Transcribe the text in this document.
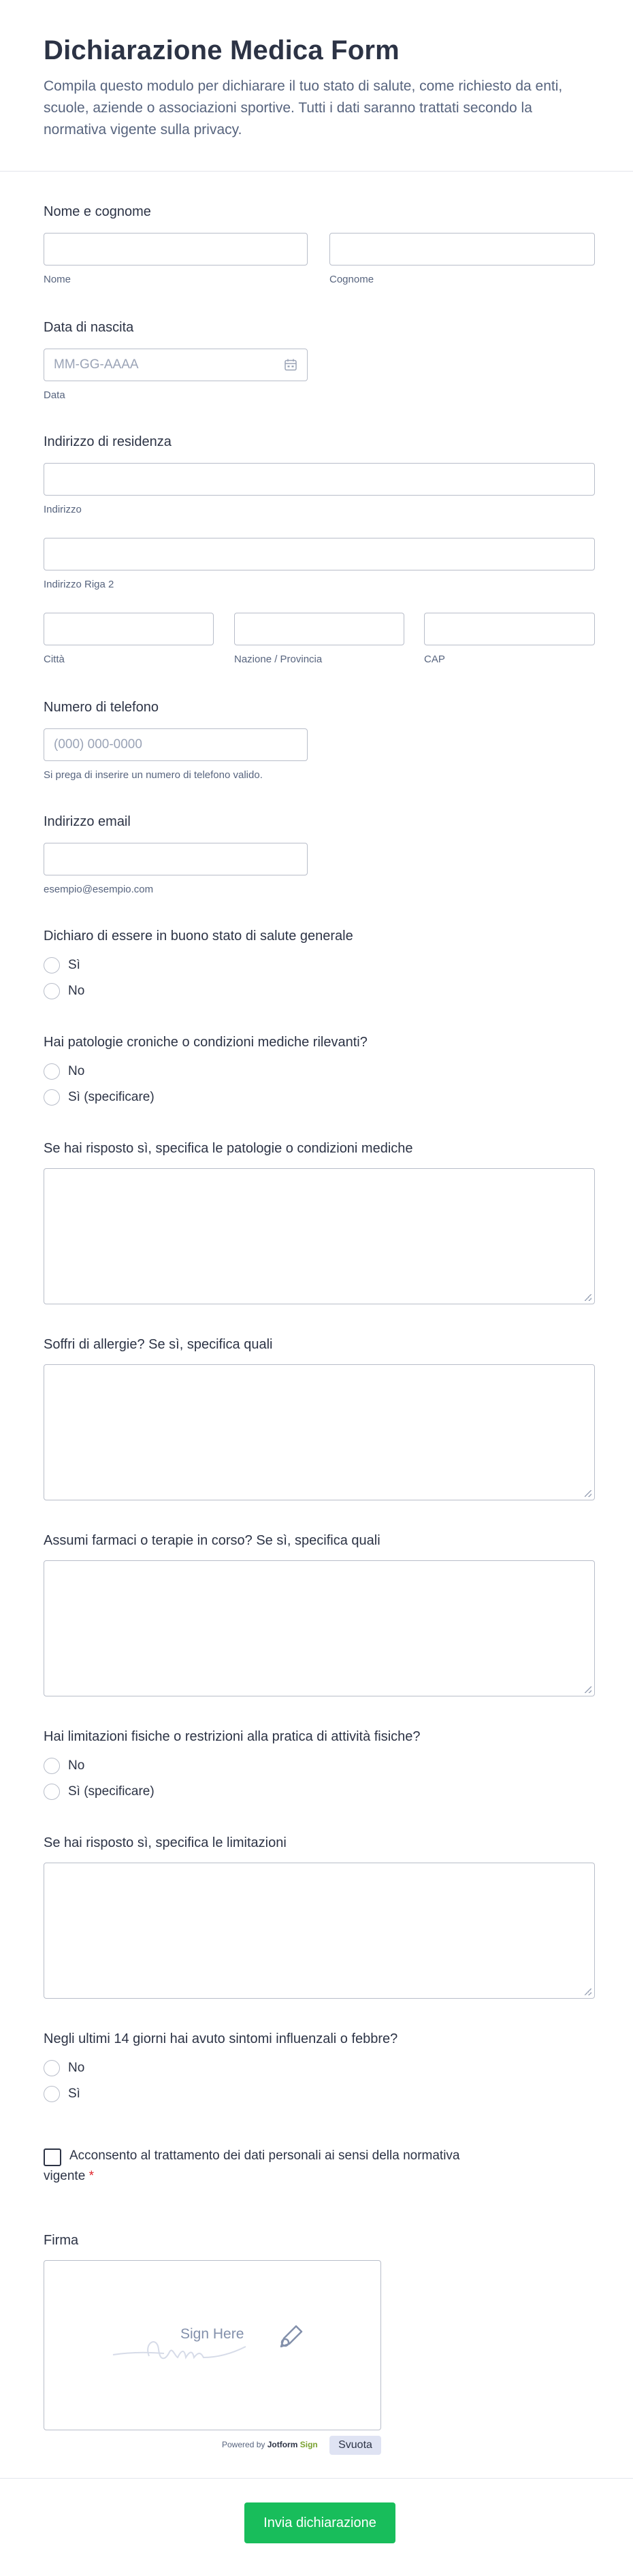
Dichiarazione Medica Form

Compila questo modulo per dichiarare il tuo stato di salute, come richiesto da enti, scuole, aziende o associazioni sportive. Tutti i dati saranno trattati secondo la normativa vigente sulla privacy.

Nome e cognome
Nome	Cognome
Data di nascita
MM-GG-AAAA
Data
Indirizzo di residenza
Indirizzo
Indirizzo Riga 2
Città	Nazione / Provincia	CAP
Numero di telefono
(000) 000-0000
Si prega di inserire un numero di telefono valido.
Indirizzo email
esempio@esempio.com
Dichiaro di essere in buono stato di salute generale
Sì
No
Hai patologie croniche o condizioni mediche rilevanti?
No
Sì (specificare)
Se hai risposto sì, specifica le patologie o condizioni mediche
Soffri di allergie? Se sì, specifica quali
Assumi farmaci o terapie in corso? Se sì, specifica quali
Hai limitazioni fisiche o restrizioni alla pratica di attività fisiche?
No
Sì (specificare)
Se hai risposto sì, specifica le limitazioni
Negli ultimi 14 giorni hai avuto sintomi influenzali o febbre?
No
Sì
Acconsento al trattamento dei dati personali ai sensi della normativa
vigente *
Firma
Sign Here
Powered by Jotform Sign	Svuota
Invia dichiarazione
